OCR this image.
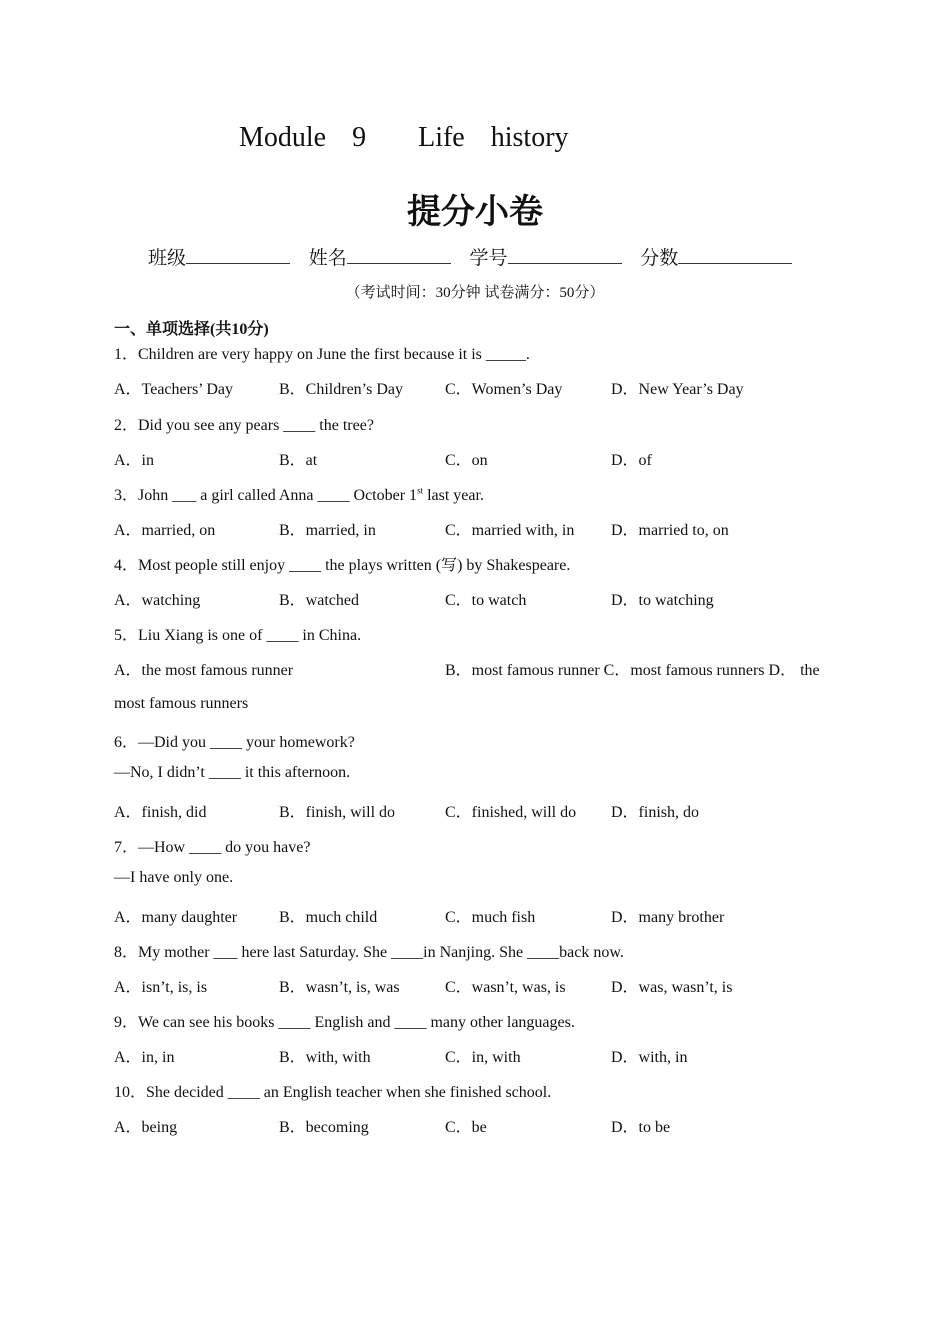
Module  9    Life  history
提分小卷
班级	姓名	学号	分数
（考试时间：30分钟 试卷满分：50分）
一、单项选择(共10分)
1．Children are very happy on June the first because it is _____.
A．Teachers’ Day	B．Children’s Day	C．Women’s Day	D．New Year’s Day
2．Did you see any pears ____ the tree?
A．in	B．at	C．on	D．of
3．John ___ a girl called Anna ____ October 1st last year.
A．married, on	B．married, in	C．married with, in D．married to, on
4．Most people still enjoy ____ the plays written (写) by Shakespeare.
A．watching	B．watched	C．to watch	D．to watching
5．Liu Xiang is one of ____ in China.
A．the most famous runner	B．most famous runner C．most famous runners D． the
most famous runners
6．—Did you ____ your homework?
—No, I didn’t ____ it this afternoon.
A．finish, did	B．finish, will do	C．finished, will do D．finish, do
7．—How ____ do you have?
—I have only one.
A．many daughter	B．much child	C．much fish	D．many brother
8．My mother ___ here last Saturday. She ____in Nanjing. She ____back now.
A．isn’t, is, is	B．wasn’t, is, was	C．wasn’t, was, is	D．was, wasn’t, is
9．We can see his books ____ English and ____ many other languages.
A．in, in	B．with, with	C．in, with	D．with, in
10．She decided ____ an English teacher when she finished school.
A．being	B．becoming	C．be	D．to be
